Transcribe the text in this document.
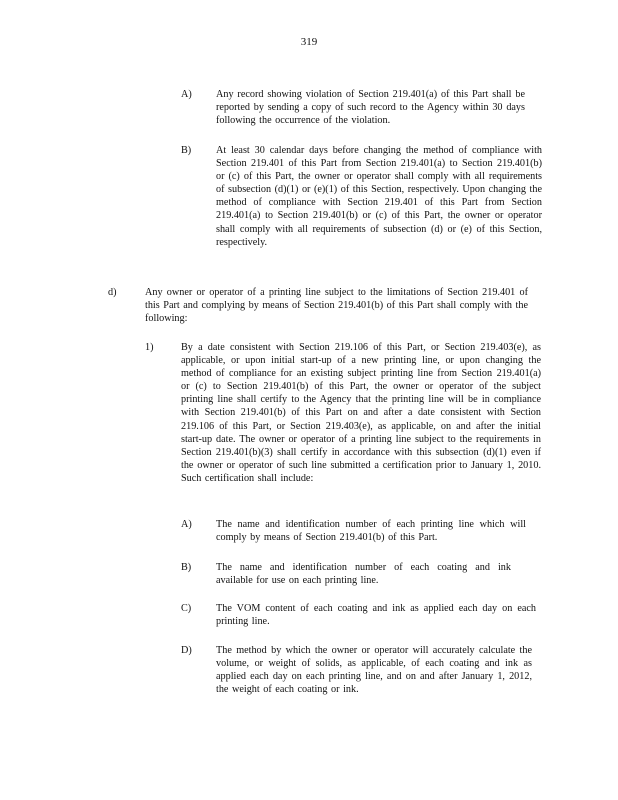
319
A) Any record showing violation of Section 219.401(a) of this Part shall be reported by sending a copy of such record to the Agency within 30 days following the occurrence of the violation.
B) At least 30 calendar days before changing the method of compliance with Section 219.401 of this Part from Section 219.401(a) to Section 219.401(b) or (c) of this Part, the owner or operator shall comply with all requirements of subsection (d)(1) or (e)(1) of this Section, respectively. Upon changing the method of compliance with Section 219.401 of this Part from Section 219.401(a) to Section 219.401(b) or (c) of this Part, the owner or operator shall comply with all requirements of subsection (d) or (e) of this Section, respectively.
d)	Any owner or operator of a printing line subject to the limitations of Section 219.401 of this Part and complying by means of Section 219.401(b) of this Part shall comply with the following:
1)	By a date consistent with Section 219.106 of this Part, or Section 219.403(e), as applicable, or upon initial start-up of a new printing line, or upon changing the method of compliance for an existing subject printing line from Section 219.401(a) or (c) to Section 219.401(b) of this Part, the owner or operator of the subject printing line shall certify to the Agency that the printing line will be in compliance with Section 219.401(b) of this Part on and after a date consistent with Section 219.106 of this Part, or Section 219.403(e), as applicable, on and after the initial start-up date. The owner or operator of a printing line subject to the requirements in Section 219.401(b)(3) shall certify in accordance with this subsection (d)(1) even if the owner or operator of such line submitted a certification prior to January 1, 2010. Such certification shall include:
A) The name and identification number of each printing line which will comply by means of Section 219.401(b) of this Part.
B) The name and identification number of each coating and ink available for use on each printing line.
C) The VOM content of each coating and ink as applied each day on each printing line.
D) The method by which the owner or operator will accurately calculate the volume, or weight of solids, as applicable, of each coating and ink as applied each day on each printing line, and on and after January 1, 2012, the weight of each coating or ink.
